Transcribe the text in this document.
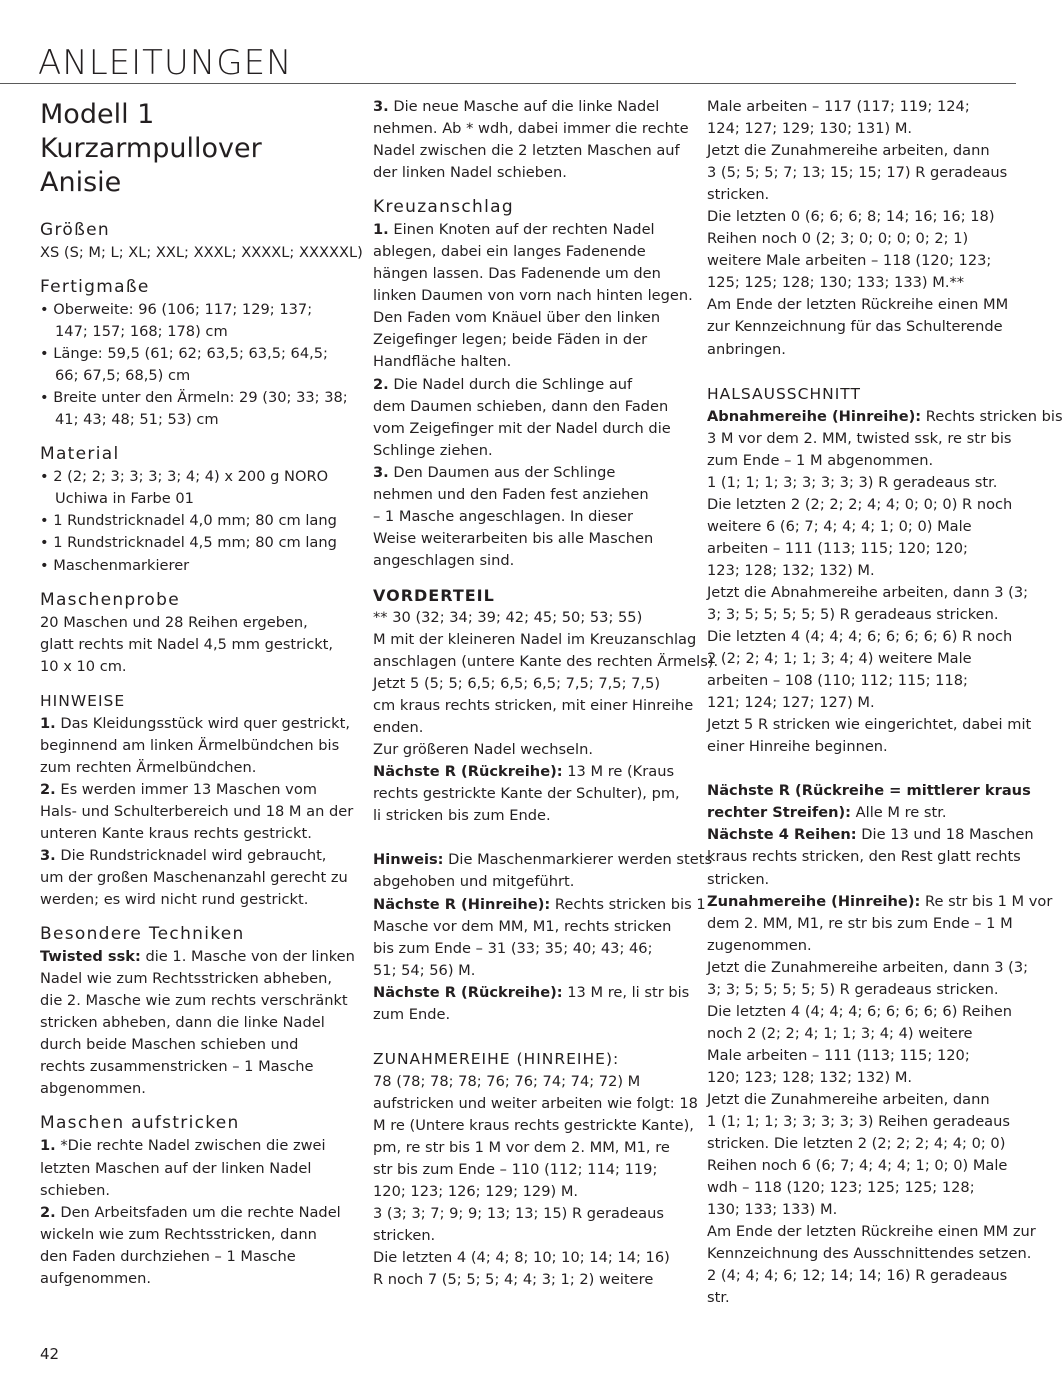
ANLEITUNGEN
Modell 1
Kurzarmpullover Anisie
Größen
XS (S; M; L; XL; XXL; XXXL; XXXXL; XXXXXL)
Fertigmaße
• Oberweite: 96 (106; 117; 129; 137;
147; 157; 168; 178) cm
• Länge: 59,5 (61; 62; 63,5; 63,5; 64,5;
66; 67,5; 68,5) cm
• Breite unter den Ärmeln: 29 (30; 33; 38;
41; 43; 48; 51; 53) cm
Material
• 2 (2; 2; 3; 3; 3; 3; 4; 4) x 200 g NORO
Uchiwa in Farbe 01
• 1 Rundstricknadel 4,0 mm; 80 cm lang
• 1 Rundstricknadel 4,5 mm; 80 cm lang
• Maschenmarkierer
Maschenprobe
20 Maschen und 28 Reihen ergeben,
glatt rechts mit Nadel 4,5 mm gestrickt,
10 x 10 cm.
HINWEISE
1. Das Kleidungsstück wird quer gestrickt,
beginnend am linken Ärmelbündchen bis
zum rechten Ärmelbündchen.
2. Es werden immer 13 Maschen vom
Hals- und Schulterbereich und 18 M an der
unteren Kante kraus rechts gestrickt.
3. Die Rundstricknadel wird gebraucht,
um der großen Maschenanzahl gerecht zu
werden; es wird nicht rund gestrickt.
Besondere Techniken
Twisted ssk: die 1. Masche von der linken
Nadel wie zum Rechtsstricken abheben,
die 2. Masche wie zum rechts verschränkt
stricken abheben, dann die linke Nadel
durch beide Maschen schieben und
rechts zusammenstricken – 1 Masche
abgenommen.
Maschen aufstricken
1. *Die rechte Nadel zwischen die zwei
letzten Maschen auf der linken Nadel
schieben.
2. Den Arbeitsfaden um die rechte Nadel
wickeln wie zum Rechtsstricken, dann
den Faden durchziehen – 1 Masche
aufgenommen.
3. Die neue Masche auf die linke Nadel
nehmen. Ab * wdh, dabei immer die rechte
Nadel zwischen die 2 letzten Maschen auf
der linken Nadel schieben.
Kreuzanschlag
1. Einen Knoten auf der rechten Nadel
ablegen, dabei ein langes Fadenende
hängen lassen. Das Fadenende um den
linken Daumen von vorn nach hinten legen.
Den Faden vom Knäuel über den linken
Zeigefinger legen; beide Fäden in der
Handfläche halten.
2. Die Nadel durch die Schlinge auf
dem Daumen schieben, dann den Faden
vom Zeigefinger mit der Nadel durch die
Schlinge ziehen.
3. Den Daumen aus der Schlinge
nehmen und den Faden fest anziehen
– 1 Masche angeschlagen. In dieser
Weise weiterarbeiten bis alle Maschen
angeschlagen sind.
VORDERTEIL
** 30 (32; 34; 39; 42; 45; 50; 53; 55)
M mit der kleineren Nadel im Kreuzanschlag
anschlagen (untere Kante des rechten Ärmels).
Jetzt 5 (5; 5; 6,5; 6,5; 6,5; 7,5; 7,5; 7,5)
cm kraus rechts stricken, mit einer Hinreihe
enden.
Zur größeren Nadel wechseln.
Nächste R (Rückreihe): 13 M re (Kraus
rechts gestrickte Kante der Schulter), pm,
li stricken bis zum Ende.
Hinweis: Die Maschenmarkierer werden stets
abgehoben und mitgeführt.
Nächste R (Hinreihe): Rechts stricken bis 1
Masche vor dem MM, M1, rechts stricken
bis zum Ende – 31 (33; 35; 40; 43; 46;
51; 54; 56) M.
Nächste R (Rückreihe): 13 M re, li str bis
zum Ende.
ZUNAHMEREIHE (HINREIHE):
78 (78; 78; 78; 76; 76; 74; 74; 72) M
aufstricken und weiter arbeiten wie folgt: 18
M re (Untere kraus rechts gestrickte Kante),
pm, re str bis 1 M vor dem 2. MM, M1, re
str bis zum Ende – 110 (112; 114; 119;
120; 123; 126; 129; 129) M.
3 (3; 3; 7; 9; 9; 13; 13; 15) R geradeaus
stricken.
Die letzten 4 (4; 4; 8; 10; 10; 14; 14; 16)
R noch 7 (5; 5; 5; 4; 4; 3; 1; 2) weitere
Male arbeiten – 117 (117; 119; 124;
124; 127; 129; 130; 131) M.
Jetzt die Zunahmereihe arbeiten, dann
3 (5; 5; 5; 7; 13; 15; 15; 17) R geradeaus
stricken.
Die letzten 0 (6; 6; 6; 8; 14; 16; 16; 18)
Reihen noch 0 (2; 3; 0; 0; 0; 0; 2; 1)
weitere Male arbeiten – 118 (120; 123;
125; 125; 128; 130; 133; 133) M.**
Am Ende der letzten Rückreihe einen MM
zur Kennzeichnung für das Schulterende
anbringen.
HALSAUSSCHNITT
Abnahmereihe (Hinreihe): Rechts stricken bis
3 M vor dem 2. MM, twisted ssk, re str bis
zum Ende – 1 M abgenommen.
1 (1; 1; 1; 3; 3; 3; 3; 3) R geradeaus str.
Die letzten 2 (2; 2; 2; 4; 4; 0; 0; 0) R noch
weitere 6 (6; 7; 4; 4; 4; 1; 0; 0) Male
arbeiten – 111 (113; 115; 120; 120;
123; 128; 132; 132) M.
Jetzt die Abnahmereihe arbeiten, dann 3 (3;
3; 3; 5; 5; 5; 5; 5) R geradeaus stricken.
Die letzten 4 (4; 4; 4; 6; 6; 6; 6; 6) R noch
2 (2; 2; 4; 1; 1; 3; 4; 4) weitere Male
arbeiten – 108 (110; 112; 115; 118;
121; 124; 127; 127) M.
Jetzt 5 R stricken wie eingerichtet, dabei mit
einer Hinreihe beginnen.
Nächste R (Rückreihe = mittlerer kraus
rechter Streifen): Alle M re str.
Nächste 4 Reihen: Die 13 und 18 Maschen
kraus rechts stricken, den Rest glatt rechts
stricken.
Zunahmereihe (Hinreihe): Re str bis 1 M vor
dem 2. MM, M1, re str bis zum Ende – 1 M
zugenommen.
Jetzt die Zunahmereihe arbeiten, dann 3 (3;
3; 3; 5; 5; 5; 5; 5) R geradeaus stricken.
Die letzten 4 (4; 4; 4; 6; 6; 6; 6; 6) Reihen
noch 2 (2; 2; 4; 1; 1; 3; 4; 4) weitere
Male arbeiten – 111 (113; 115; 120;
120; 123; 128; 132; 132) M.
Jetzt die Zunahmereihe arbeiten, dann
1 (1; 1; 1; 3; 3; 3; 3; 3) Reihen geradeaus
stricken. Die letzten 2 (2; 2; 2; 4; 4; 0; 0)
Reihen noch 6 (6; 7; 4; 4; 4; 1; 0; 0) Male
wdh – 118 (120; 123; 125; 125; 128;
130; 133; 133) M.
Am Ende der letzten Rückreihe einen MM zur
Kennzeichnung des Ausschnittendes setzen.
2 (4; 4; 4; 6; 12; 14; 14; 16) R geradeaus
str.
42
